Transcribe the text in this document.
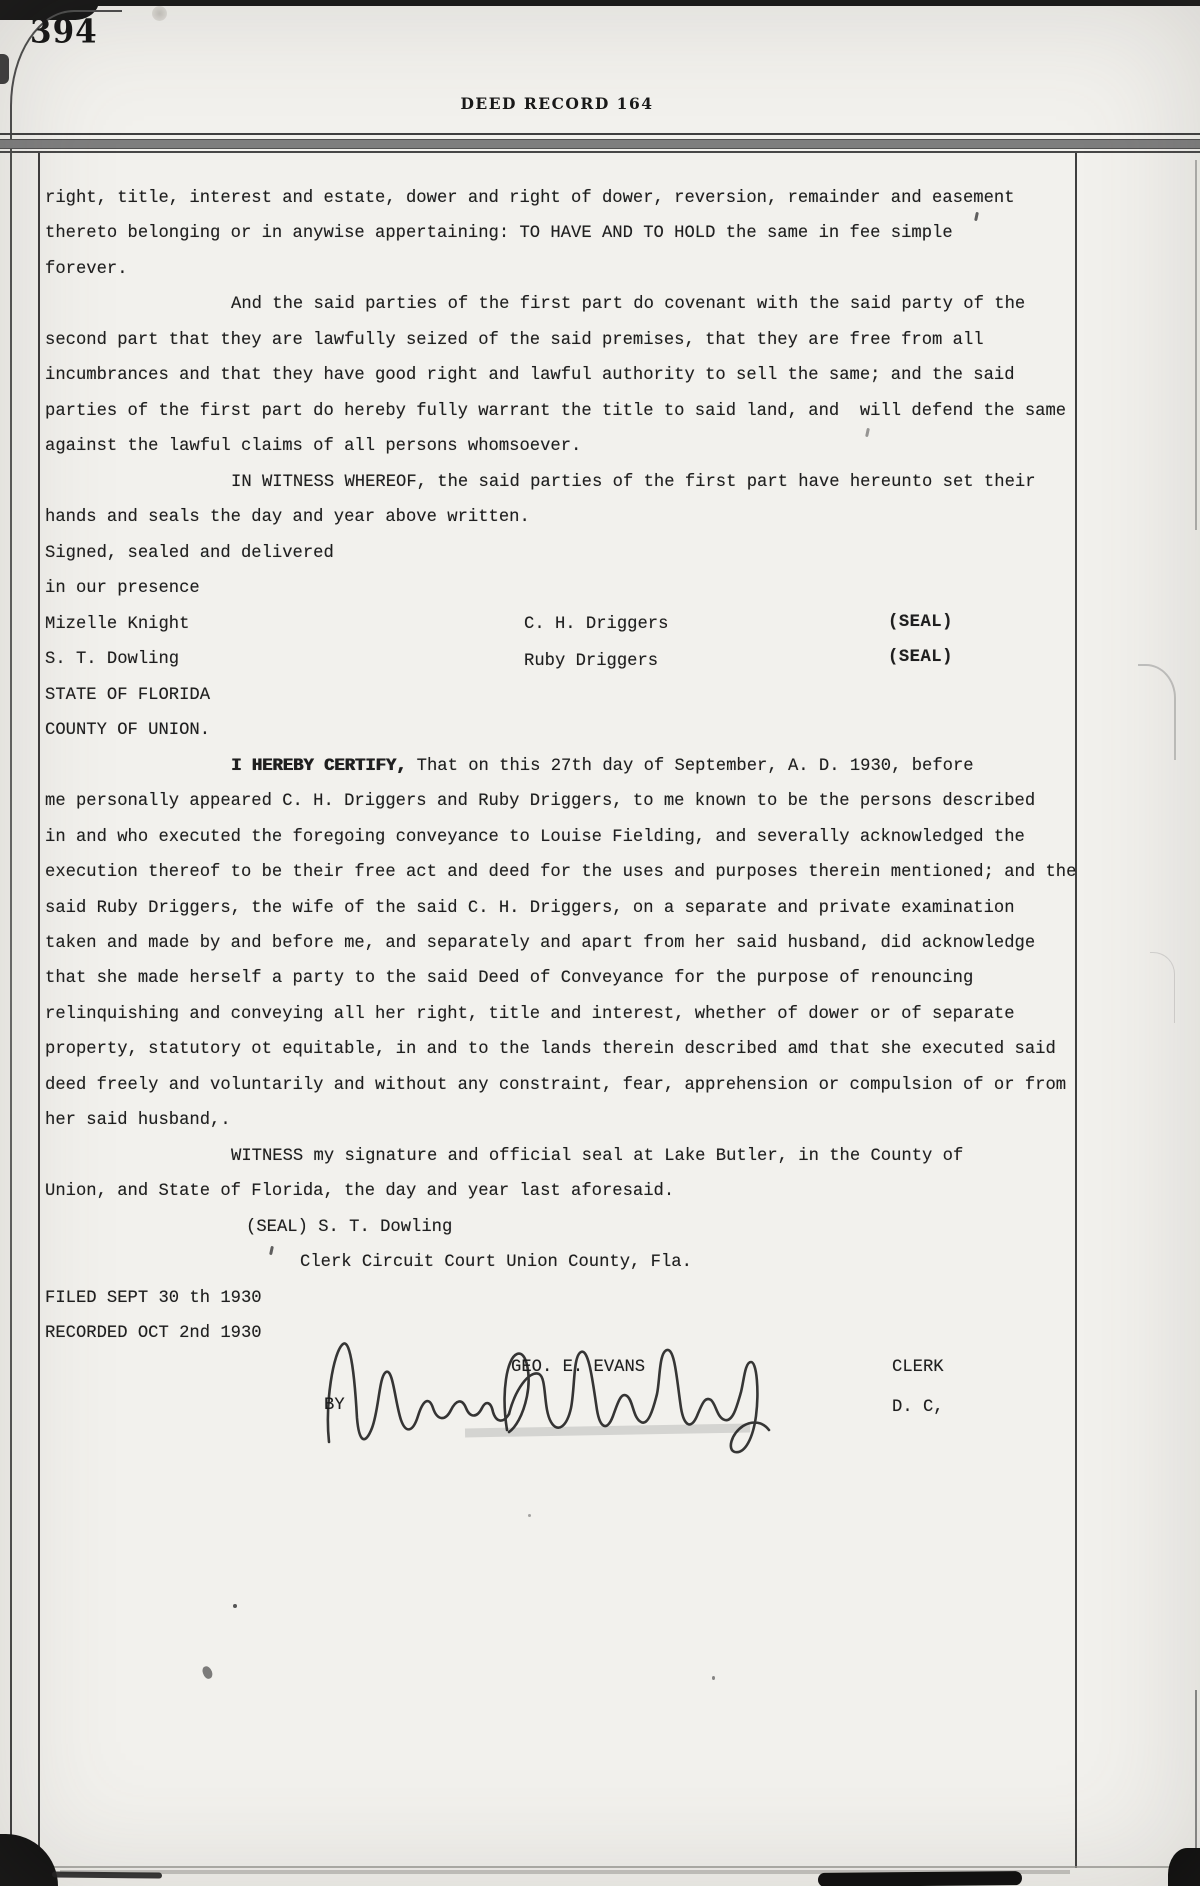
394
DEED RECORD 164
right, title, interest and estate, dower and right of dower, reversion, remainder and easement
thereto belonging or in anywise appertaining: TO HAVE AND TO HOLD the same in fee simple
forever.
And the said parties of the first part do covenant with the said party of the
second part that they are lawfully seized of the said premises, that they are free from all
incumbrances and that they have good right and lawful authority to sell the same; and the said
parties of the first part do hereby fully warrant the title to said land, and  will defend the same
against the lawful claims of all persons whomsoever.
IN WITNESS WHEREOF, the said parties of the first part have hereunto set their
hands and seals the day and year above written.
Signed, sealed and delivered
in our presence
Mizelle Knight	C. H. Driggers	(SEAL)
S. T. Dowling	Ruby Driggers	(SEAL)
STATE OF FLORIDA
COUNTY OF UNION.
I HEREBY CERTIFY, That on this 27th day of September, A. D. 1930, before
me personally appeared C. H. Driggers and Ruby Driggers, to me known to be the persons described
in and who executed the foregoing conveyance to Louise Fielding, and severally acknowledged the
execution thereof to be their free act and deed for the uses and purposes therein mentioned; and the
said Ruby Driggers, the wife of the said C. H. Driggers, on a separate and private examination
taken and made by and before me, and separately and apart from her said husband, did acknowledge
that she made herself a party to the said Deed of Conveyance for the purpose of renouncing
relinquishing and conveying all her right, title and interest, whether of dower or of separate
property, statutory ot equitable, in and to the lands therein described amd that she executed said
deed freely and voluntarily and without any constraint, fear, apprehension or compulsion of or from
her said husband,.
WITNESS my signature and official seal at Lake Butler, in the County of
Union, and State of Florida, the day and year last aforesaid.
(SEAL) S. T. Dowling
Clerk Circuit Court Union County, Fla.
FILED SEPT 30 th 1930
RECORDED OCT 2nd 1930
GEO. E. EVANS	CLERK
BY	D. C,
